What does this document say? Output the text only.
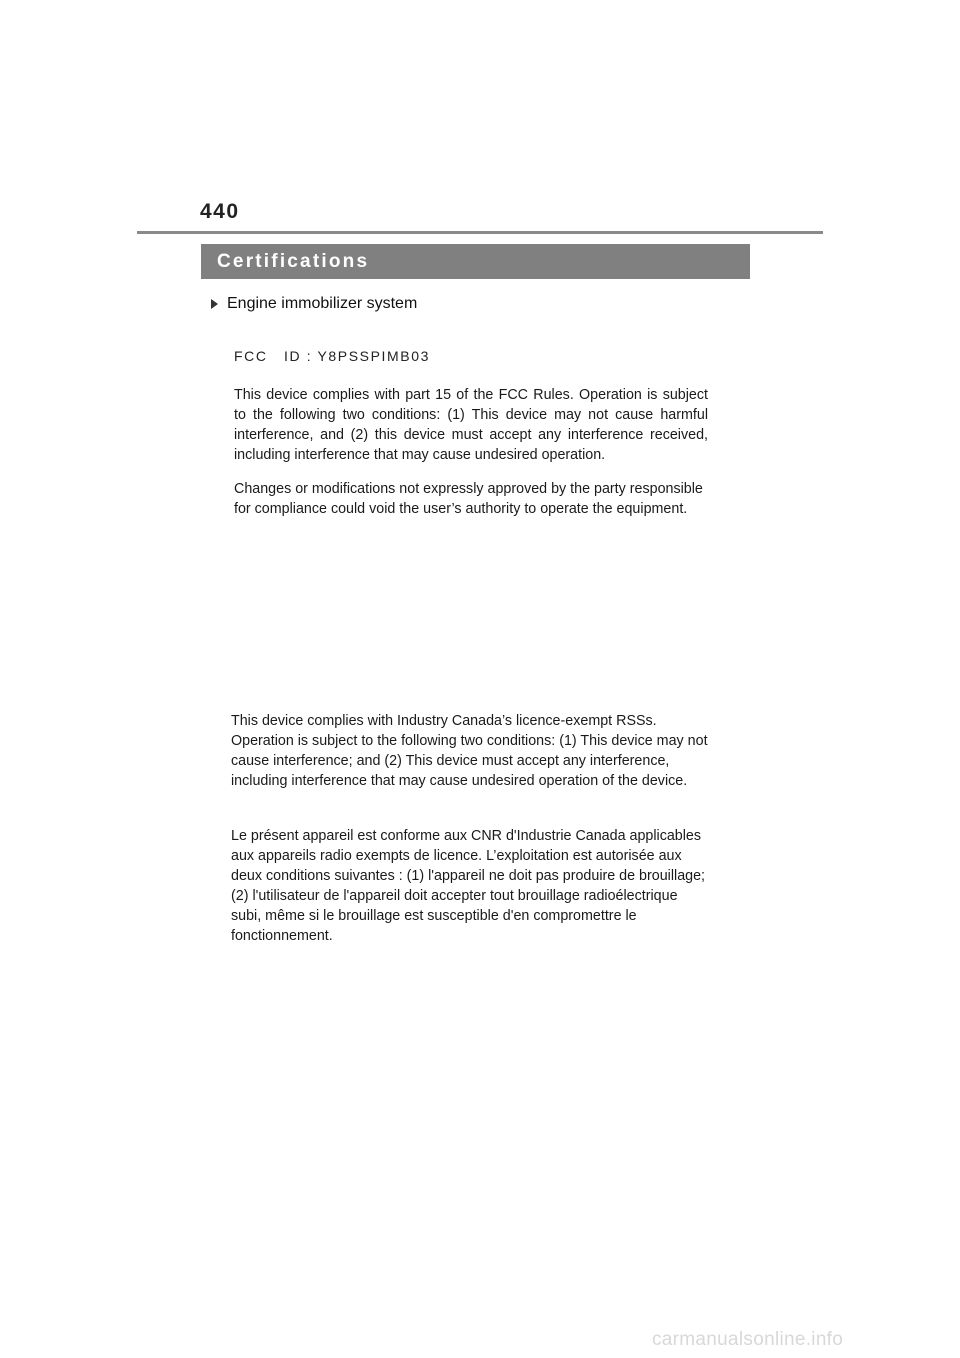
440
Certifications
Engine immobilizer system
FCC   ID : Y8PSSPIMB03
This device complies with part 15 of the FCC Rules. Operation is subject to the following two conditions: (1) This device may not cause harmful interference, and (2) this device must accept any interference received, including interference that may cause undesired operation.
Changes or modifications not expressly approved by the party responsible for compliance could void the user’s authority to operate the equipment.
This device complies with Industry Canada’s licence-exempt RSSs. Operation is subject to the following two conditions: (1) This device may not cause interference; and (2) This device must accept any interference, including interference that may cause undesired operation of the device.
Le présent appareil est conforme aux CNR d'Industrie Canada applicables aux appareils radio exempts de licence. L’exploitation est autorisée aux deux conditions suivantes : (1) l'appareil ne doit pas produire de brouillage; (2) l'utilisateur de l'appareil doit accepter tout brouillage radioélectrique subi, même si le brouillage est susceptible d'en compromettre le fonctionnement.
carmanualsonline.info
